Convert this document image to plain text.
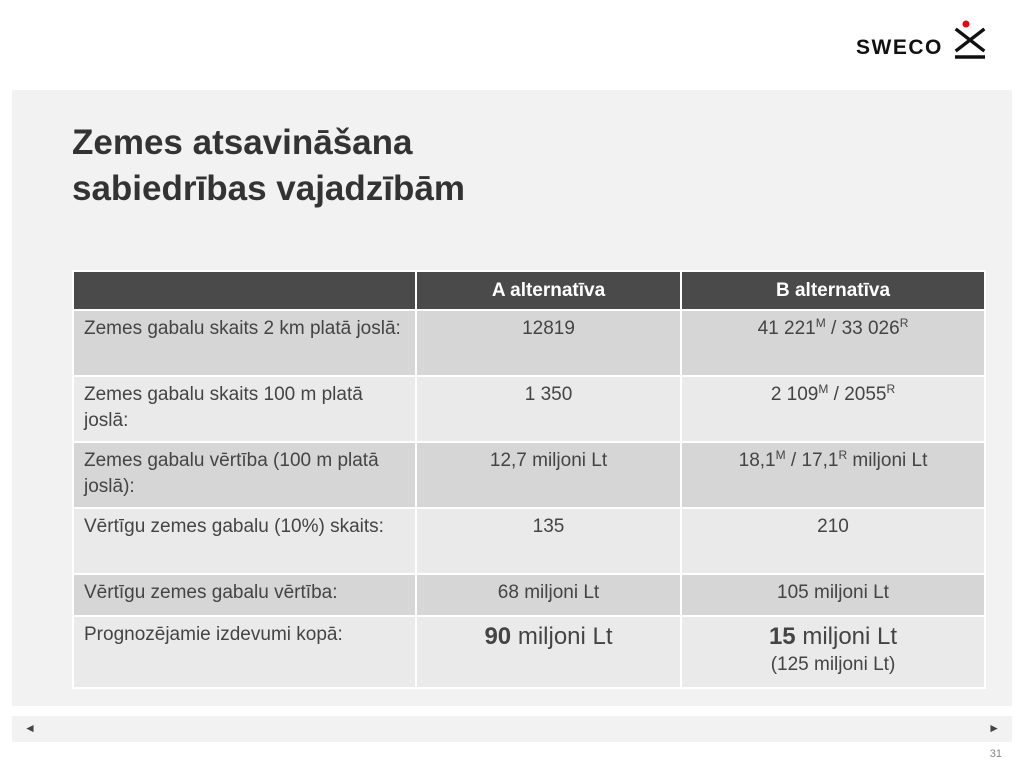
SWECO
Zemes atsavināšana
sabiedrības vajadzībām
	A alternatīva	B alternatīva
Zemes gabalu skaits 2 km platā joslā:	12819	41 $221^M / 33$ $026^R$
Zemes gabalu skaits 100 m platā joslā:	1 350	2 $109^M / 2055^R$
Zemes gabalu vērtība (100 m platā joslā):	12,7 miljoni Lt	$18,1^M / 17,1^R$ miljoni Lt
Vērtīgu zemes gabalu (10%) skaits:	135	210
Vērtīgu zemes gabalu vērtība:	68 miljoni Lt	105 miljoni Lt
Prognozējamie izdevumi kopā:	90 miljoni Lt	15 miljoni Lt
(125 miljoni Lt)
◄	►
31
